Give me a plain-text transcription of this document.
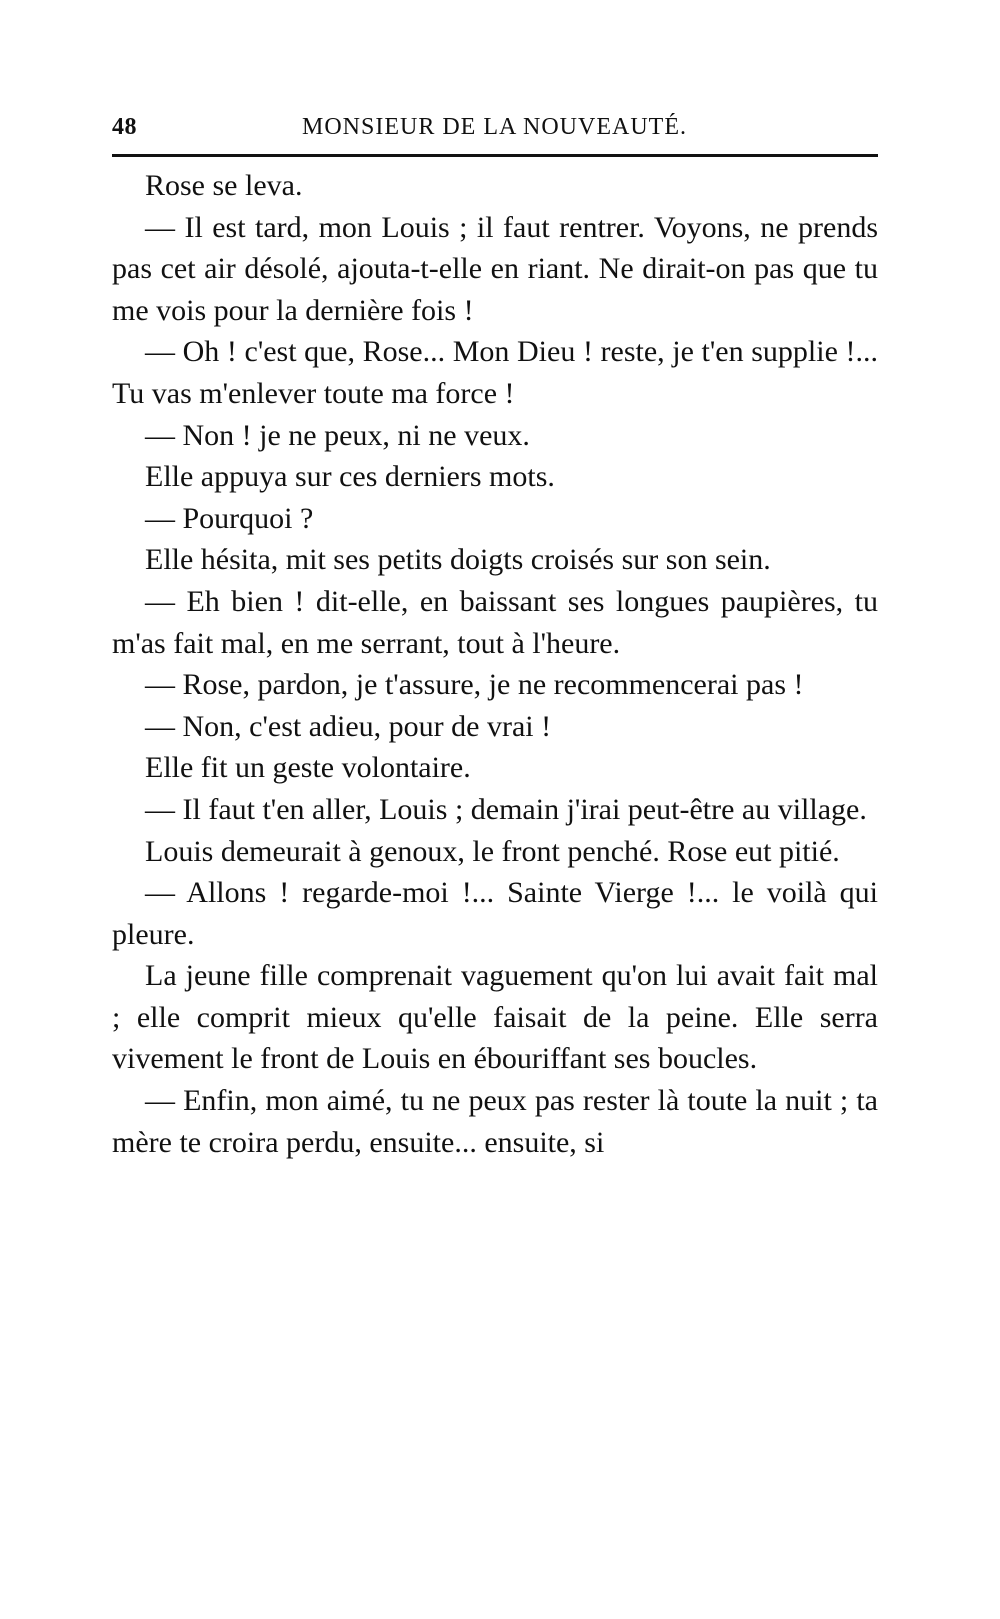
48	MONSIEUR DE LA NOUVEAUTÉ.

Rose se leva.

— Il est tard, mon Louis ; il faut rentrer. Voyons, ne prends pas cet air désolé, ajouta-t-elle en riant. Ne dirait-on pas que tu me vois pour la dernière fois !

— Oh ! c'est que, Rose... Mon Dieu ! reste, je t'en supplie !... Tu vas m'enlever toute ma force !

— Non ! je ne peux, ni ne veux.

Elle appuya sur ces derniers mots.

— Pourquoi ?

Elle hésita, mit ses petits doigts croisés sur son sein.

— Eh bien ! dit-elle, en baissant ses longues paupières, tu m'as fait mal, en me serrant, tout à l'heure.

— Rose, pardon, je t'assure, je ne recommencerai pas !

— Non, c'est adieu, pour de vrai !

Elle fit un geste volontaire.

— Il faut t'en aller, Louis ; demain j'irai peut-être au village.

Louis demeurait à genoux, le front penché. Rose eut pitié.

— Allons ! regarde-moi !... Sainte Vierge !... le voilà qui pleure.

La jeune fille comprenait vaguement qu'on lui avait fait mal ; elle comprit mieux qu'elle faisait de la peine. Elle serra vivement le front de Louis en ébouriffant ses boucles.

— Enfin, mon aimé, tu ne peux pas rester là toute la nuit ; ta mère te croira perdu, ensuite... ensuite, si
